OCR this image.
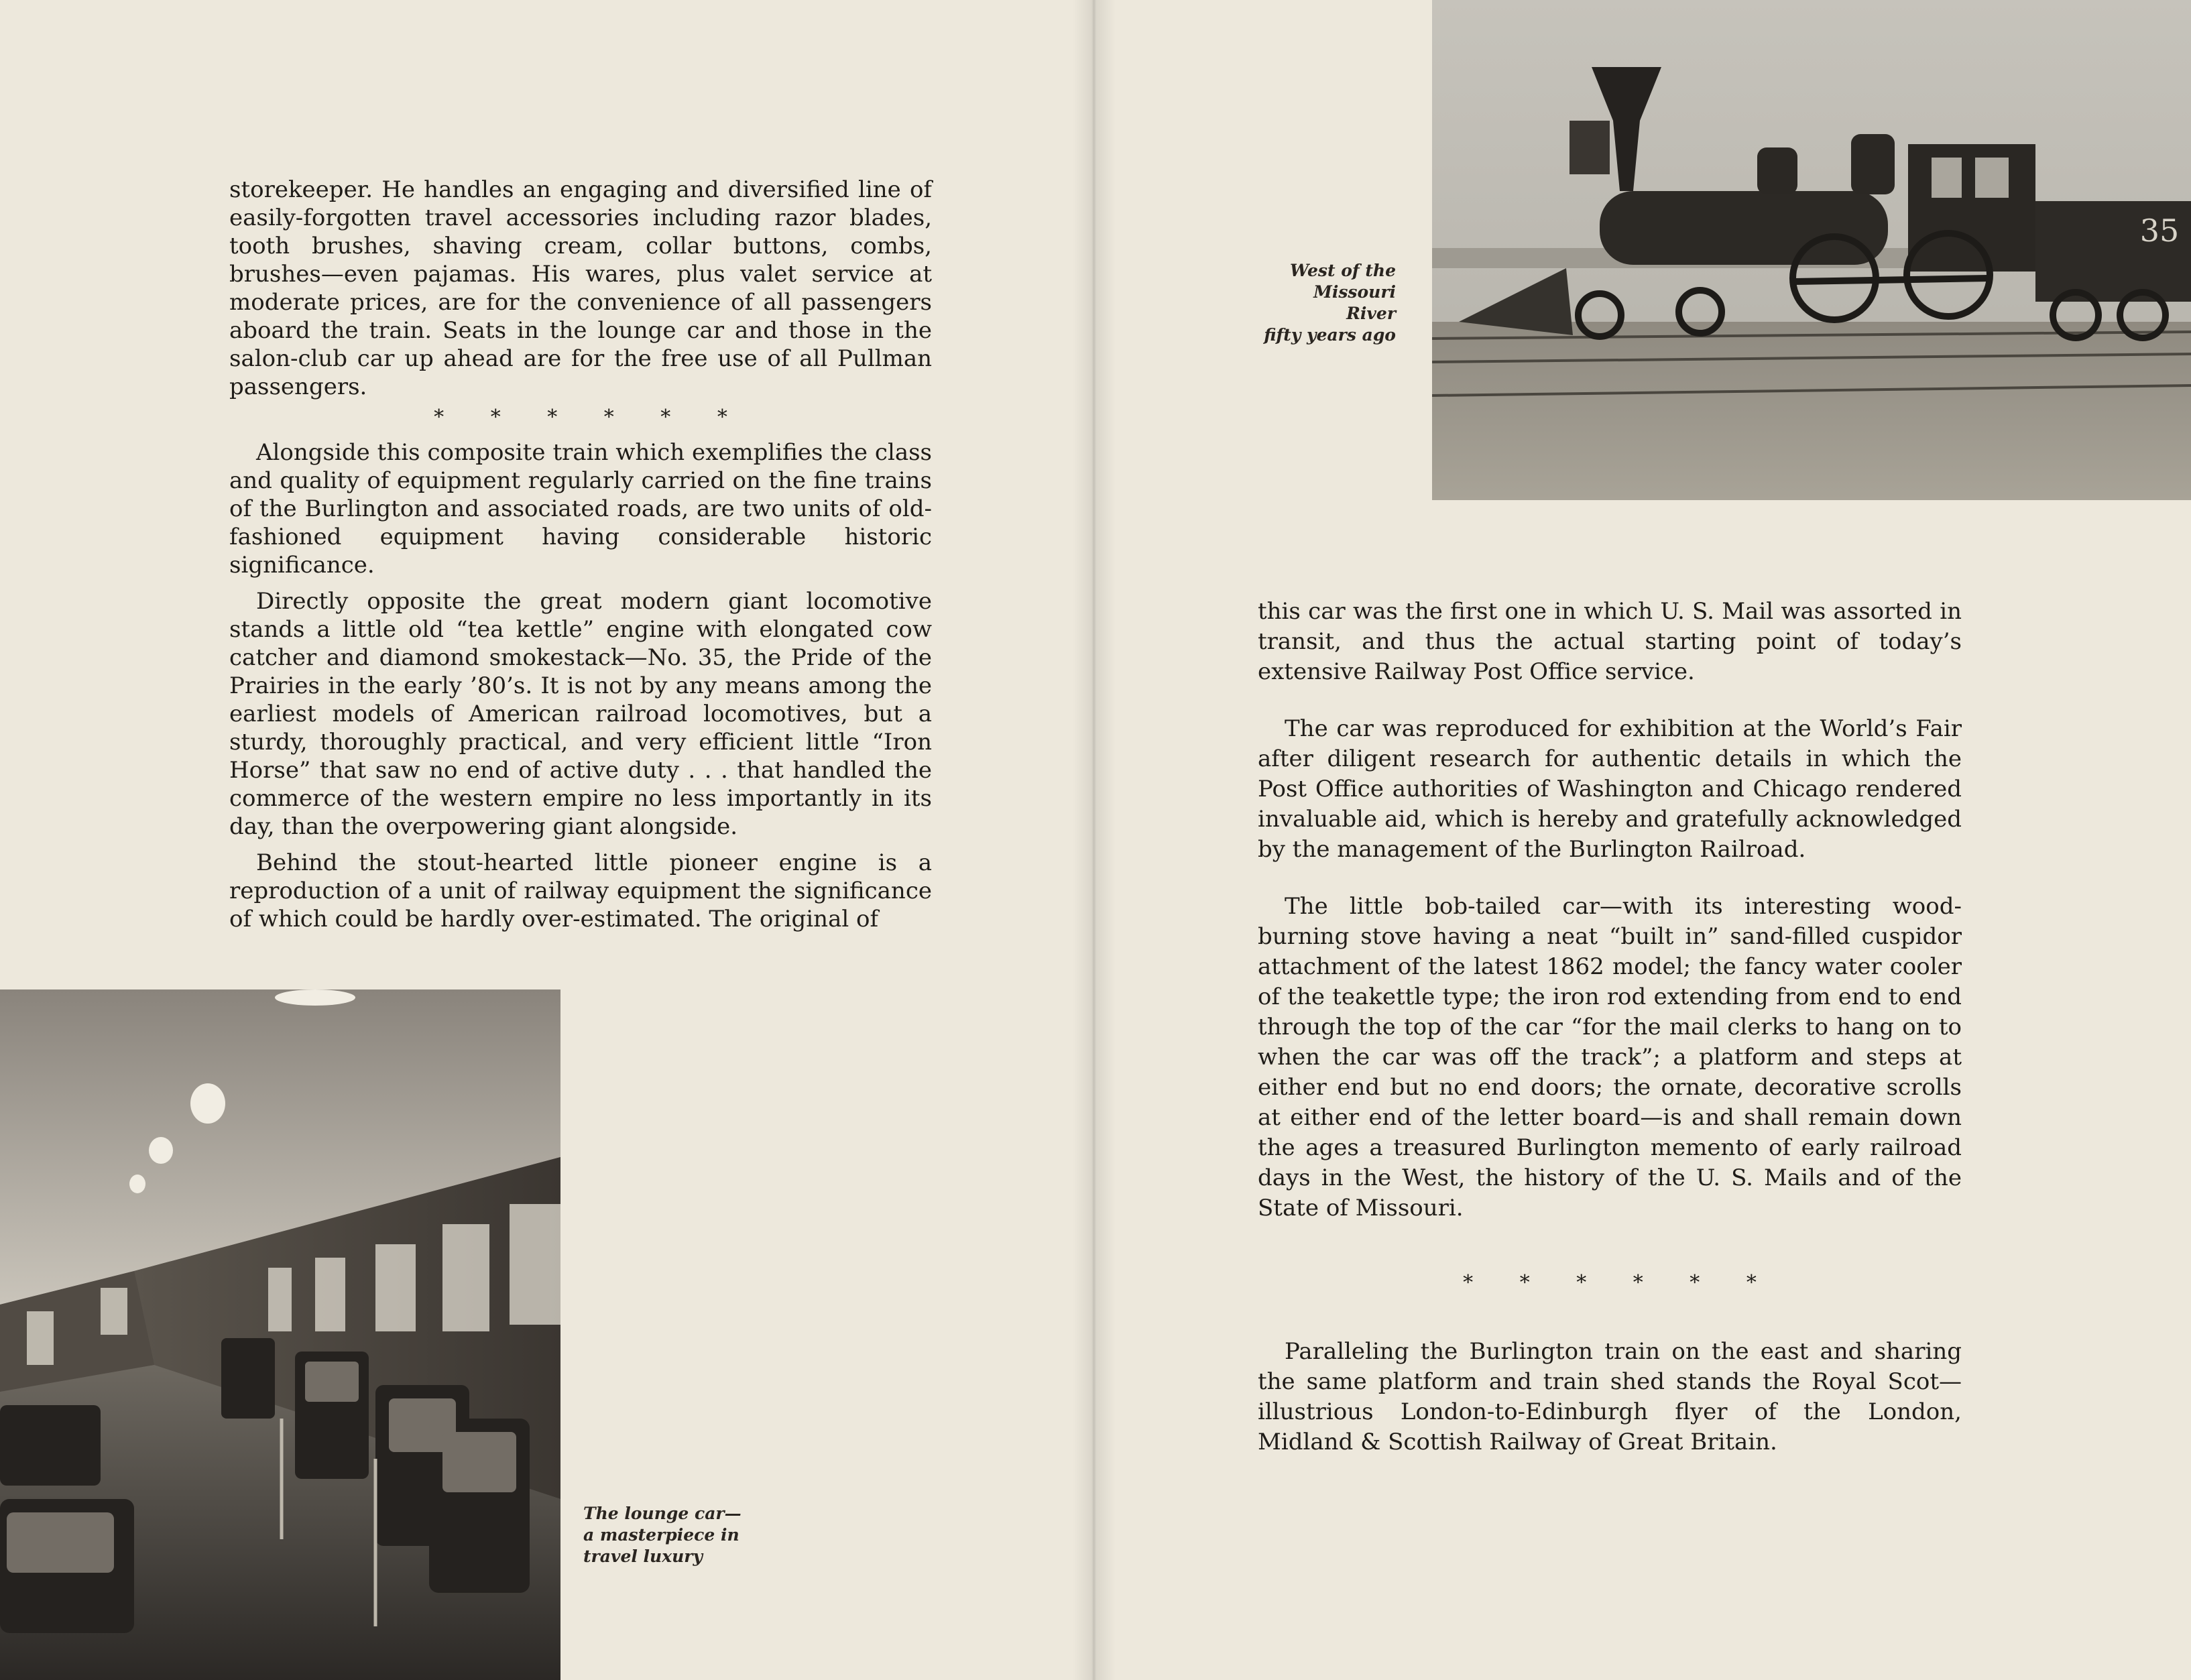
storekeeper. He handles an engaging and diversified line of easily-forgotten travel accessories including razor blades, tooth brushes, shaving cream, collar buttons, combs, brushes—even pajamas. His wares, plus valet service at moderate prices, are for the convenience of all passengers aboard the train. Seats in the lounge car and those in the salon-club car up ahead are for the free use of all Pullman passengers.

* * * * * *

Alongside this composite train which exemplifies the class and quality of equipment regularly carried on the fine trains of the Burlington and associated roads, are two units of old-fashioned equipment having considerable historic significance.

Directly opposite the great modern giant locomotive stands a little old “tea kettle” engine with elongated cow catcher and diamond smokestack—No. 35, the Pride of the Prairies in the early ’80’s. It is not by any means among the earliest models of American railroad locomotives, but a sturdy, thoroughly practical, and very efficient little “Iron Horse” that saw no end of active duty . . . that handled the commerce of the western empire no less importantly in its day, than the overpowering giant alongside.

Behind the stout-hearted little pioneer engine is a reproduction of a unit of railway equipment the significance of which could be hardly over-estimated. The original of

The lounge car—
a masterpiece in
travel luxury
35
West of the
Missouri River
fifty years ago

this car was the first one in which U. S. Mail was assorted in transit, and thus the actual starting point of today’s extensive Railway Post Office service.

The car was reproduced for exhibition at the World’s Fair after diligent research for authentic details in which the Post Office authorities of Washington and Chicago rendered invaluable aid, which is hereby and gratefully acknowledged by the management of the Burlington Railroad.

The little bob-tailed car—with its interesting wood-burning stove having a neat “built in” sand-filled cuspidor attachment of the latest 1862 model; the fancy water cooler of the teakettle type; the iron rod extending from end to end through the top of the car “for the mail clerks to hang on to when the car was off the track”; a platform and steps at either end but no end doors; the ornate, decorative scrolls at either end of the letter board—is and shall remain down the ages a treasured Burlington memento of early railroad days in the West, the history of the U. S. Mails and of the State of Missouri.

* * * * * *

Paralleling the Burlington train on the east and sharing the same platform and train shed stands the Royal Scot—illustrious London-to-Edinburgh flyer of the London, Midland & Scottish Railway of Great Britain.
